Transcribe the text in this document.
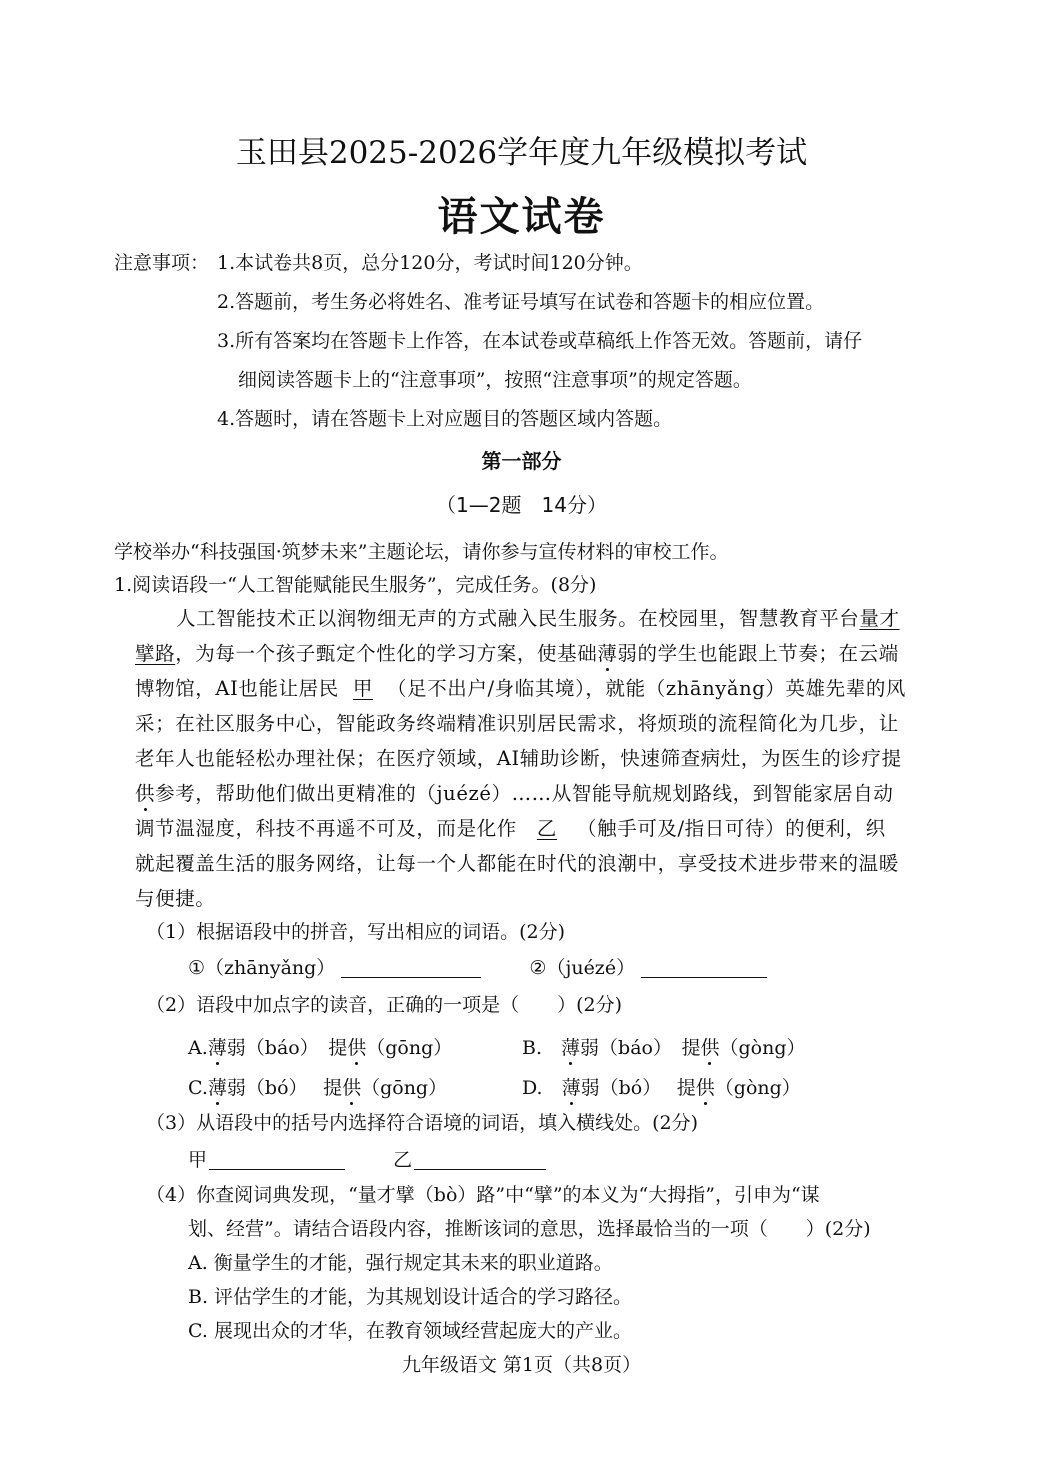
玉田县2025-2026学年度九年级模拟考试
语文试卷
注意事项： 1.本试卷共8页，总分120分，考试时间120分钟。
2.答题前，考生务必将姓名、准考证号填写在试卷和答题卡的相应位置。
3.所有答案均在答题卡上作答，在本试卷或草稿纸上作答无效。答题前，请仔
细阅读答题卡上的“注意事项”，按照“注意事项”的规定答题。
4.答题时，请在答题卡上对应题目的答题区域内答题。
第一部分
（1—2题　14分）
学校举办“科技强国·筑梦未来”主题论坛，请你参与宣传材料的审校工作。
1.阅读语段一“人工智能赋能民生服务”，完成任务。(8分)
人工智能技术正以润物细无声的方式融入民生服务。在校园里，智慧教育平台量才
擘路，为每一个孩子甄定个性化的学习方案，使基础薄弱的学生也能跟上节奏；在云端
博物馆，AI也能让居民 甲 （足不出户/身临其境），就能（zhānyǎng）英雄先辈的风
采；在社区服务中心，智能政务终端精准识别居民需求，将烦琐的流程简化为几步，让
老年人也能轻松办理社保；在医疗领域，AI辅助诊断，快速筛查病灶，为医生的诊疗提
供参考，帮助他们做出更精准的（juézé）……从智能导航规划路线，到智能家居自动
调节温湿度，科技不再遥不可及，而是化作 乙 （触手可及/指日可待）的便利，织
就起覆盖生活的服务网络，让每一个人都能在时代的浪潮中，享受技术进步带来的温暖
与便捷。
（1）根据语段中的拼音，写出相应的词语。(2分)
①（zhānyǎng）	②（juézé）
（2）语段中加点字的读音，正确的一项是（　　）(2分)
A.薄弱（báo）　提供（gōng）	B.　薄弱（báo）　提供（gòng）
C.薄弱（bó）　 提供（gōng）	D.　薄弱（bó）　 提供（gòng）
（3）从语段中的括号内选择符合语境的词语，填入横线处。(2分)
甲	乙
（4）你查阅词典发现，“量才擘（bò）路”中“擘”的本义为“大拇指”，引申为“谋
划、经营”。请结合语段内容，推断该词的意思，选择最恰当的一项（　　）(2分)
A. 衡量学生的才能，强行规定其未来的职业道路。
B. 评估学生的才能，为其规划设计适合的学习路径。
C. 展现出众的才华，在教育领域经营起庞大的产业。
九年级语文 第1页（共8页）
